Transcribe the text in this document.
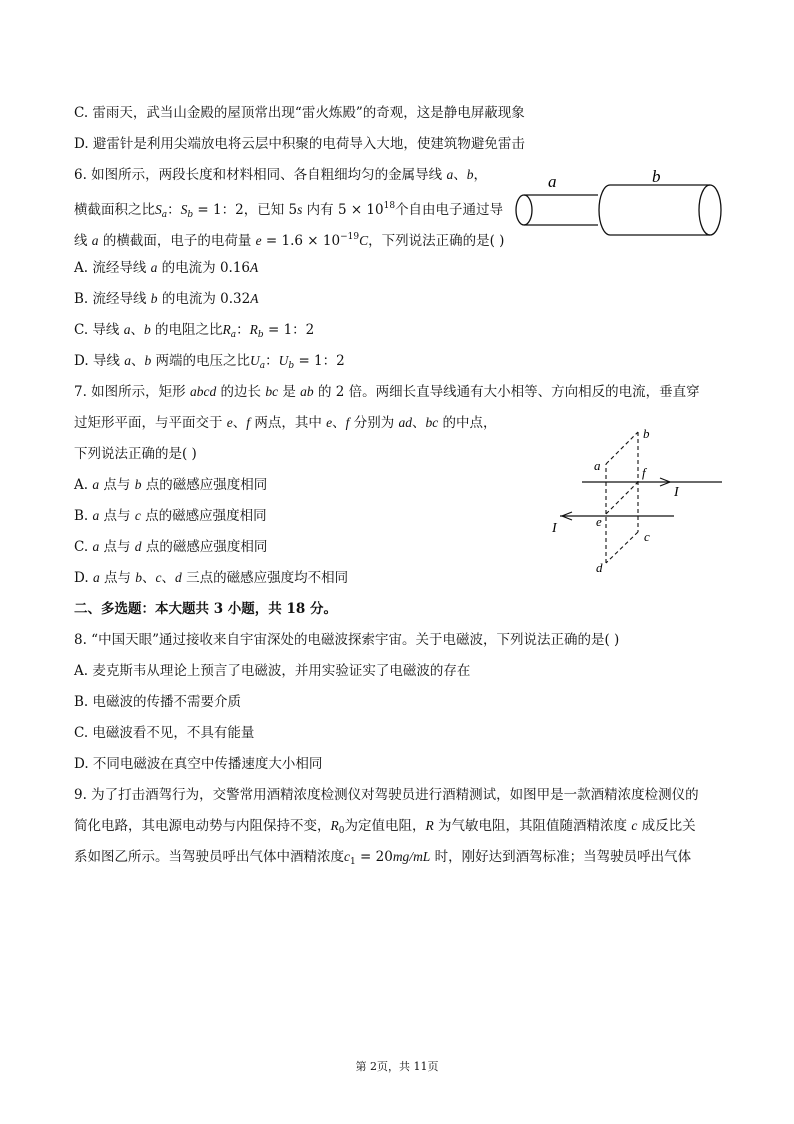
C. 雷雨天，武当山金殿的屋顶常出现“雷火炼殿”的奇观，这是静电屏蔽现象
D. 避雷针是利用尖端放电将云层中积聚的电荷导入大地，使建筑物避免雷击
6. 如图所示，两段长度和材料相同、各自粗细均匀的金属导线 a、b，
横截面积之比$S_a$：$S_b = 1$：2，已知 5s 内有 $5 \times 10^{18}$个自由电子通过导
线 a 的横截面，电子的电荷量 $e = 1.6 \times 10^{-19}C$，下列说法正确的是( )
A. 流经导线 a 的电流为 0.16A
B. 流经导线 b 的电流为 0.32A
C. 导线 a、b 的电阻之比$R_a$：$R_b = 1$：2
D. 导线 a、b 两端的电压之比$U_a$：$U_b = 1$：2
a	b
7. 如图所示，矩形 abcd 的边长 bc 是 ab 的 2 倍。两细长直导线通有大小相等、方向相反的电流，垂直穿
过矩形平面，与平面交于 e、f 两点，其中 e、f 分别为 ad、bc 的中点，
下列说法正确的是( )
A. a 点与 b 点的磁感应强度相同
B. a 点与 c 点的磁感应强度相同
C. a 点与 d 点的磁感应强度相同
D. a 点与 b、c、d 三点的磁感应强度均不相同
b
a	f
I
I	e
c
d
二、多选题：本大题共 3 小题，共 18 分。
8. “中国天眼”通过接收来自宇宙深处的电磁波探索宇宙。关于电磁波，下列说法正确的是( )
A. 麦克斯韦从理论上预言了电磁波，并用实验证实了电磁波的存在
B. 电磁波的传播不需要介质
C. 电磁波看不见，不具有能量
D. 不同电磁波在真空中传播速度大小相同
9. 为了打击酒驾行为，交警常用酒精浓度检测仪对驾驶员进行酒精测试，如图甲是一款酒精浓度检测仪的
简化电路，其电源电动势与内阻保持不变，$R_0$为定值电阻，R 为气敏电阻，其阻值随酒精浓度 c 成反比关
系如图乙所示。当驾驶员呼出气体中酒精浓度$c_1 = 20mg/mL$ 时，刚好达到酒驾标准；当驾驶员呼出气体
第 2页，共 11页
